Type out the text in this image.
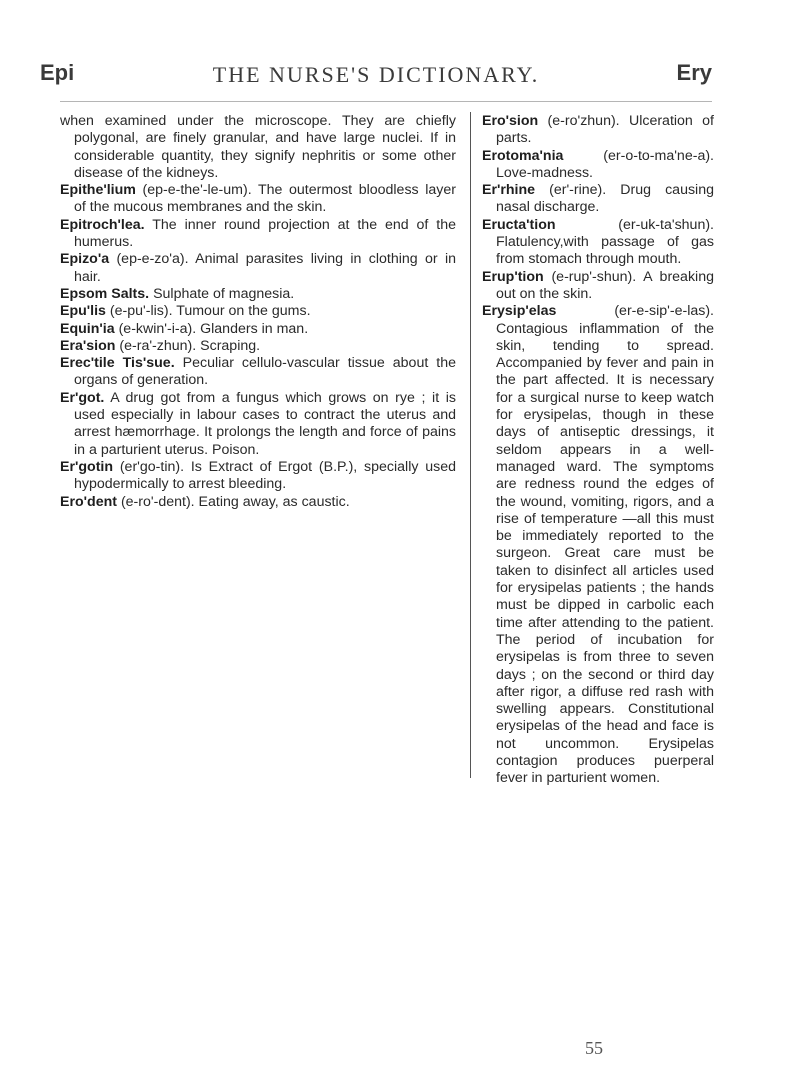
Epi	THE NURSE'S DICTIONARY.	Ery

when examined under the microscope. They are chiefly polygonal, are finely granular, and have large nuclei. If in considerable quantity, they signify nephritis or some other disease of the kidneys.

Epithe'lium (ep-e-the'-le-um). The outermost bloodless layer of the mucous membranes and the skin.

Epitroch'lea. The inner round projection at the end of the humerus.

Epizo'a (ep-e-zo'a). Animal parasites living in clothing or in hair.

Epsom Salts. Sulphate of magnesia.

Epu'lis (e-pu'-lis). Tumour on the gums.

Equin'ia (e-kwin'-i-a). Glanders in man.

Era'sion (e-ra'-zhun). Scraping.

Erec'tile Tis'sue. Peculiar cellulo-vascular tissue about the organs of generation.

Er'got. A drug got from a fungus which grows on rye ; it is used especially in labour cases to contract the uterus and arrest hæmorrhage. It prolongs the length and force of pains in a parturient uterus. Poison.

Er'gotin (er'go-tin). Is Extract of Ergot (B.P.), specially used hypodermically to arrest bleeding.

Ero'dent (e-ro'-dent). Eating away, as caustic.

Ero'sion (e-ro'zhun). Ulceration of parts.

Erotoma'nia	(er-o-to-ma'ne-a). Love-madness.

Er'rhine (er'-rine). Drug causing nasal discharge.

Eructa'tion	(er-uk-ta'shun). Flatulency,with passage of gas from stomach through mouth.

Erup'tion (e-rup'-shun). A breaking out on the skin.

Erysip'elas	(er-e-sip'-e-las). Contagious inflammation of the skin, tending to spread. Accompanied by fever and pain in the part affected. It is necessary for a surgical nurse to keep watch for erysipelas, though in these days of antiseptic dressings, it seldom appears in a well-managed ward. The symptoms are redness round the edges of the wound, vomiting, rigors, and a rise of temperature —all this must be immediately reported to the surgeon. Great care must be taken to disinfect all articles used for erysipelas patients ; the hands must be dipped in carbolic each time after attending to the patient. The period of incubation for erysipelas is from three to seven days ; on the second or third day after rigor, a diffuse red rash with swelling appears. Constitutional erysipelas of the head and face is not uncommon. Erysipelas contagion produces puerperal fever in parturient women.

55
